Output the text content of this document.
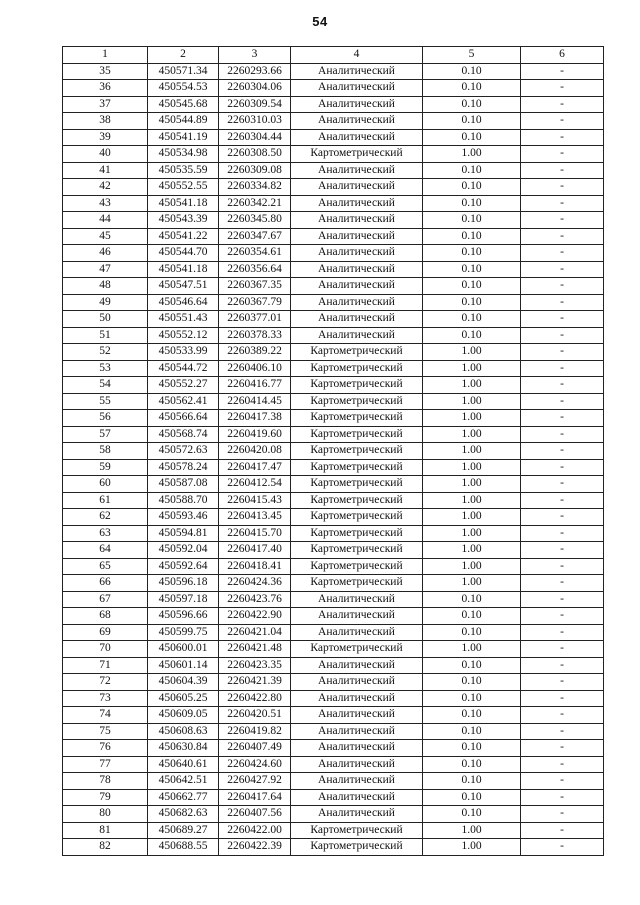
54
1	2	3	4	5	6
35	450571.34	2260293.66	Аналитический	0.10	-
36	450554.53	2260304.06	Аналитический	0.10	-
37	450545.68	2260309.54	Аналитический	0.10	-
38	450544.89	2260310.03	Аналитический	0.10	-
39	450541.19	2260304.44	Аналитический	0.10	-
40	450534.98	2260308.50	Картометрический	1.00	-
41	450535.59	2260309.08	Аналитический	0.10	-
42	450552.55	2260334.82	Аналитический	0.10	-
43	450541.18	2260342.21	Аналитический	0.10	-
44	450543.39	2260345.80	Аналитический	0.10	-
45	450541.22	2260347.67	Аналитический	0.10	-
46	450544.70	2260354.61	Аналитический	0.10	-
47	450541.18	2260356.64	Аналитический	0.10	-
48	450547.51	2260367.35	Аналитический	0.10	-
49	450546.64	2260367.79	Аналитический	0.10	-
50	450551.43	2260377.01	Аналитический	0.10	-
51	450552.12	2260378.33	Аналитический	0.10	-
52	450533.99	2260389.22	Картометрический	1.00	-
53	450544.72	2260406.10	Картометрический	1.00	-
54	450552.27	2260416.77	Картометрический	1.00	-
55	450562.41	2260414.45	Картометрический	1.00	-
56	450566.64	2260417.38	Картометрический	1.00	-
57	450568.74	2260419.60	Картометрический	1.00	-
58	450572.63	2260420.08	Картометрический	1.00	-
59	450578.24	2260417.47	Картометрический	1.00	-
60	450587.08	2260412.54	Картометрический	1.00	-
61	450588.70	2260415.43	Картометрический	1.00	-
62	450593.46	2260413.45	Картометрический	1.00	-
63	450594.81	2260415.70	Картометрический	1.00	-
64	450592.04	2260417.40	Картометрический	1.00	-
65	450592.64	2260418.41	Картометрический	1.00	-
66	450596.18	2260424.36	Картометрический	1.00	-
67	450597.18	2260423.76	Аналитический	0.10	-
68	450596.66	2260422.90	Аналитический	0.10	-
69	450599.75	2260421.04	Аналитический	0.10	-
70	450600.01	2260421.48	Картометрический	1.00	-
71	450601.14	2260423.35	Аналитический	0.10	-
72	450604.39	2260421.39	Аналитический	0.10	-
73	450605.25	2260422.80	Аналитический	0.10	-
74	450609.05	2260420.51	Аналитический	0.10	-
75	450608.63	2260419.82	Аналитический	0.10	-
76	450630.84	2260407.49	Аналитический	0.10	-
77	450640.61	2260424.60	Аналитический	0.10	-
78	450642.51	2260427.92	Аналитический	0.10	-
79	450662.77	2260417.64	Аналитический	0.10	-
80	450682.63	2260407.56	Аналитический	0.10	-
81	450689.27	2260422.00	Картометрический	1.00	-
82	450688.55	2260422.39	Картометрический	1.00	-
